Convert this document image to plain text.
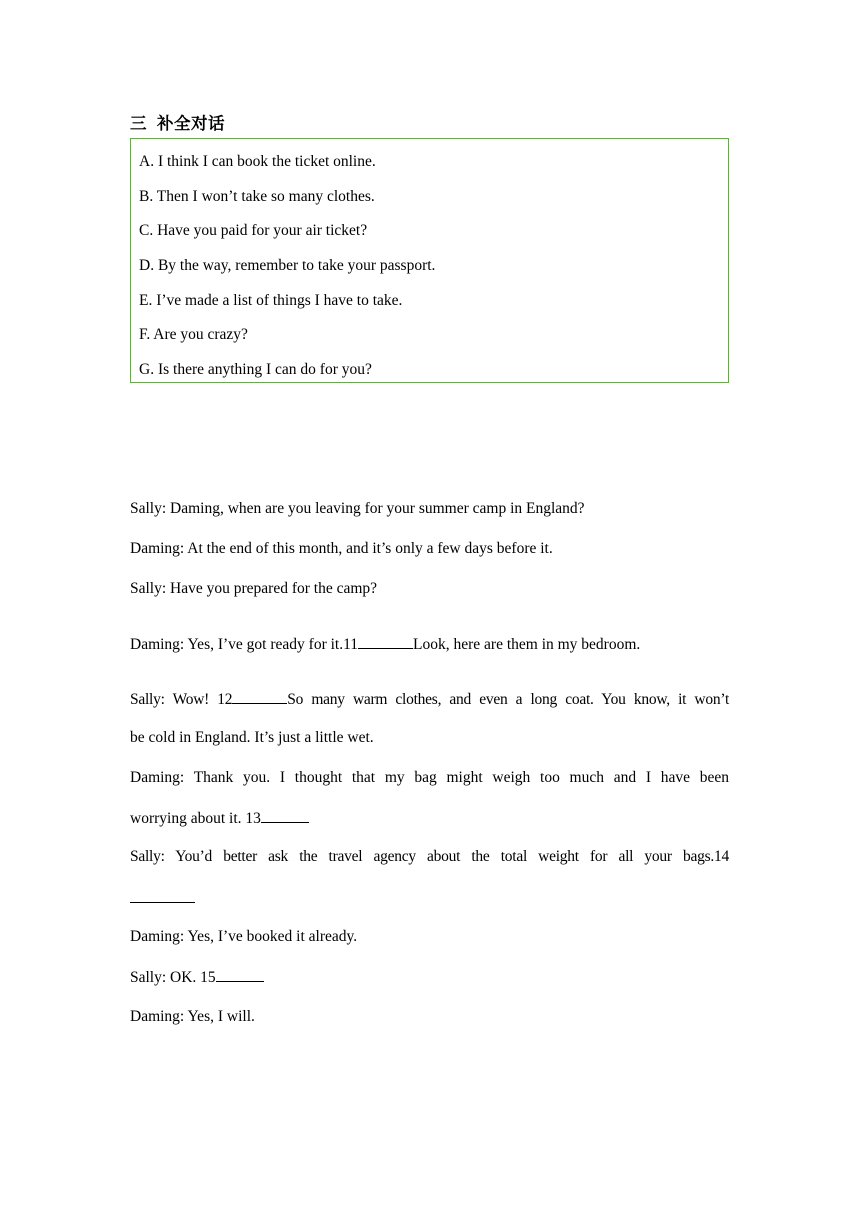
三 补全对话
A. I think I can book the ticket online.
B. Then I won’t take so many clothes.
C. Have you paid for your air ticket?
D. By the way, remember to take your passport.
E. I’ve made a list of things I have to take.
F. Are you crazy?
G. Is there anything I can do for you?
Sally: Daming, when are you leaving for your summer camp in England?
Daming: At the end of this month, and it’s only a few days before it.
Sally: Have you prepared for the camp?
Daming: Yes, I’ve got ready for it.11	Look, here are them in my bedroom.
Sally: Wow! 12	So many warm clothes, and even a long coat. You know, it won’t
be cold in England. It’s just a little wet.
Daming: Thank you. I thought that my bag might weigh too much and I have been
worrying about it. 13
Sally: You’d better ask the travel agency about the total weight for all your bags.14
Daming: Yes, I’ve booked it already.
Sally: OK. 15
Daming: Yes, I will.
